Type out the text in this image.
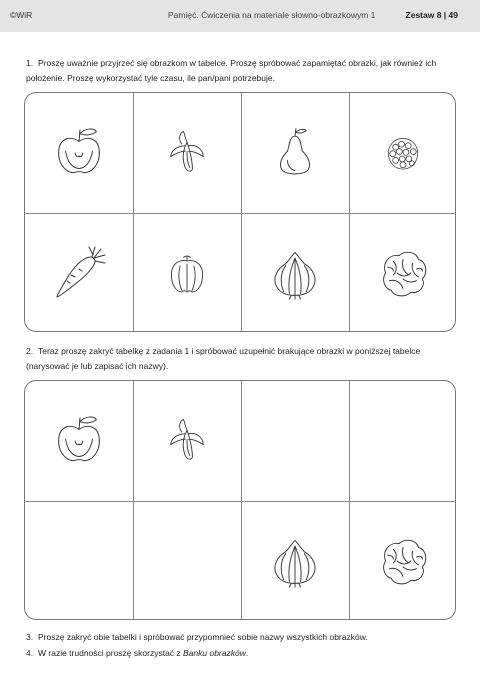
©WiR	Pamięć. Ćwiczenia na materiale słowno-obrazkowym 1	Zestaw 8 | 49
1. Proszę uważnie przyjrzeć się obrazkom w tabelce. Proszę spróbować zapamiętać obrazki, jak również ich położenie. Proszę wykorzystać tyle czasu, ile pan/pani potrzebuje.
2. Teraz proszę zakryć tabelkę z zadania 1 i spróbować uzupełnić brakujące obrazki w poniższej tabelce (narysować je lub zapisać ich nazwy).
3. Proszę zakryć obie tabelki i spróbować przypomnieć sobie nazwy wszystkich obrazków.
4. W razie trudności proszę skorzystać z Banku obrazków.
